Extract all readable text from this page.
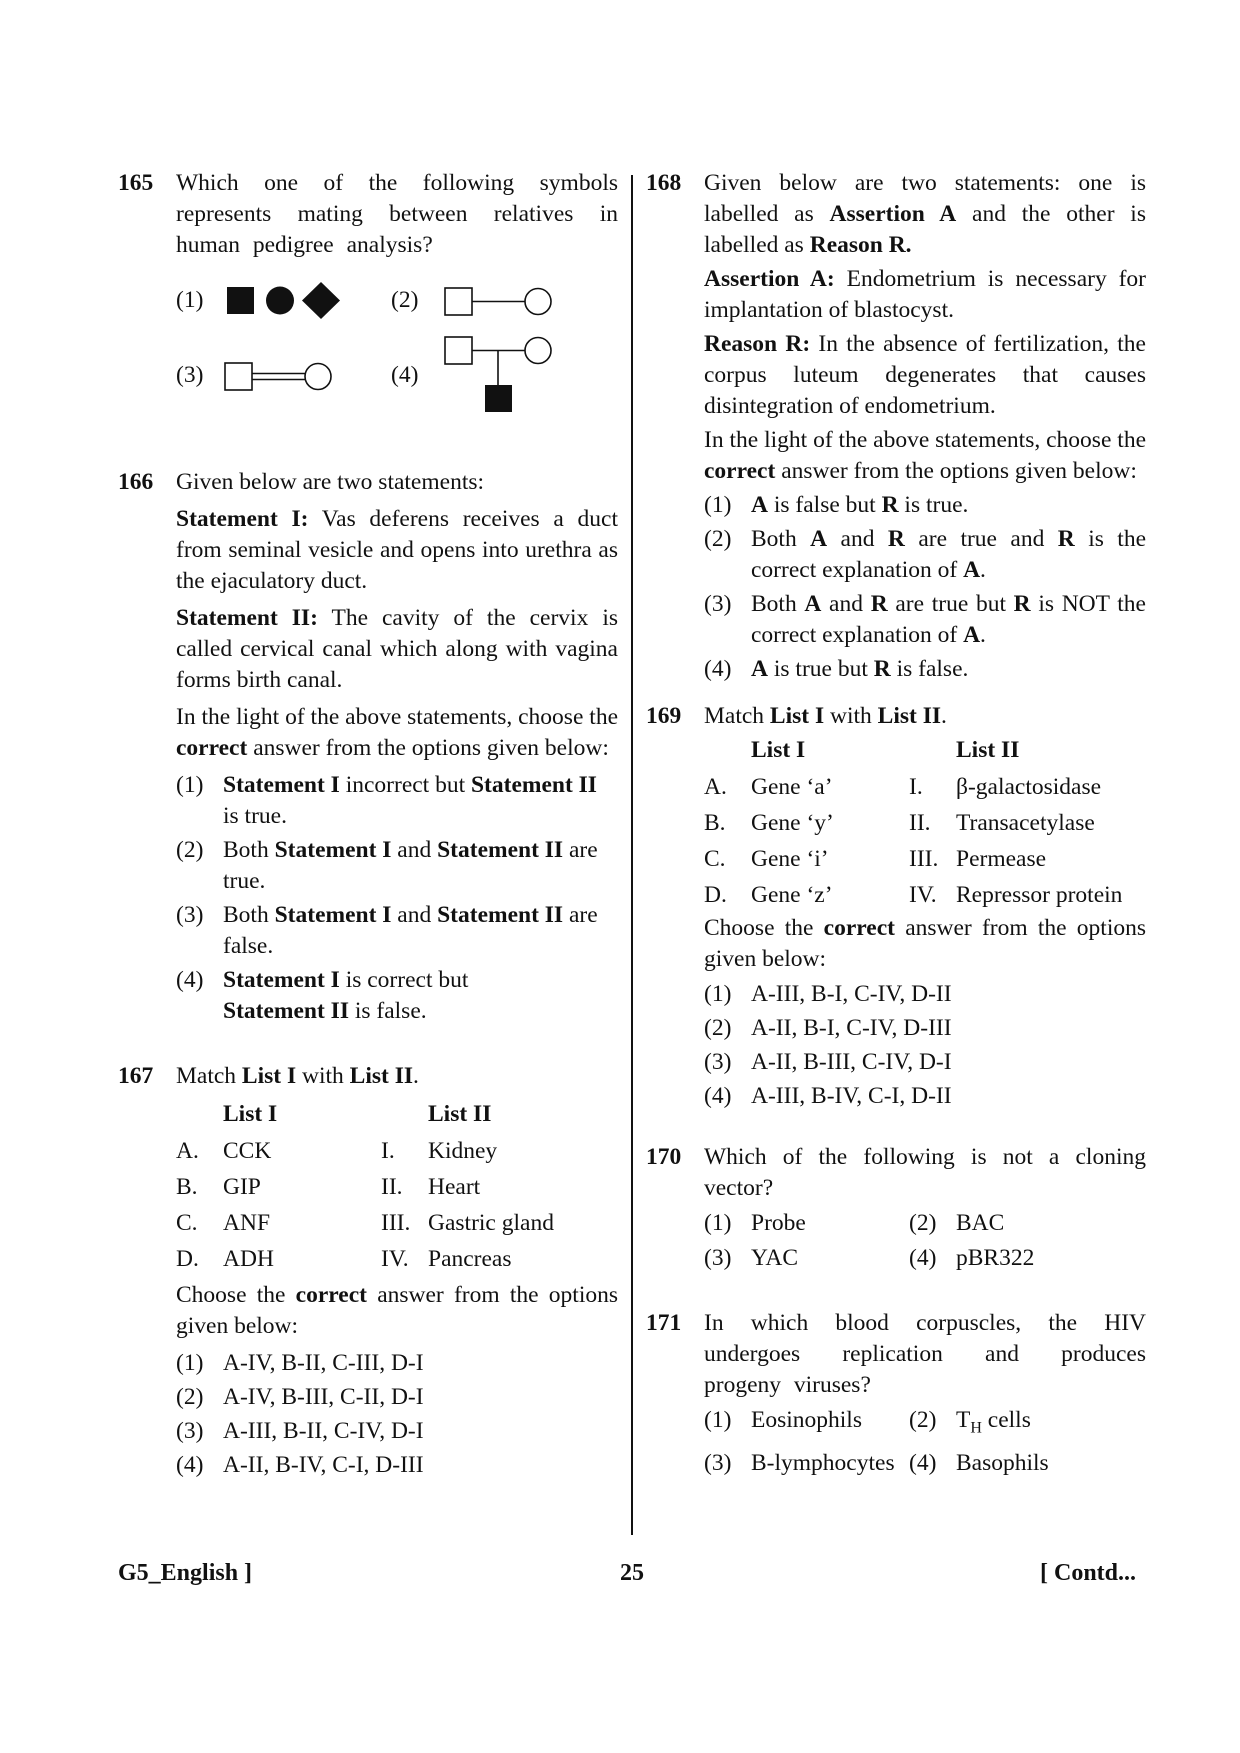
165 Which one of the following symbols represents mating between relatives in human pedigree analysis?
(1)	(2)
(3)	(4)
166 Given below are two statements:
Statement I: Vas deferens receives a duct from seminal vesicle and opens into urethra as the ejaculatory duct.
Statement II: The cavity of the cervix is called cervical canal which along with vagina forms birth canal.
In the light of the above statements, choose the correct answer from the options given below:
(1) Statement I incorrect but Statement II is true.
(2) Both Statement I and Statement II are true.
(3) Both Statement I and Statement II are false.
(4) Statement I is correct but
Statement II is false.
167 Match List I with List II.
	List I		List II
A.	CCK	I.	Kidney
B.	GIP	II.	Heart
C.	ANF	III.	Gastric gland
D.	ADH	IV.	Pancreas
Choose the correct answer from the options given below:
(1) A-IV, B-II, C-III, D-I
(2) A-IV, B-III, C-II, D-I
(3) A-III, B-II, C-IV, D-I
(4) A-II, B-IV, C-I, D-III
168 Given below are two statements: one is labelled as Assertion A and the other is labelled as Reason R.
Assertion A: Endometrium is necessary for implantation of blastocyst.
Reason R: In the absence of fertilization, the corpus luteum degenerates that causes disintegration of endometrium.
In the light of the above statements, choose the correct answer from the options given below:
(1) A is false but R is true.
(2) Both A and R are true and R is the correct explanation of A.
(3) Both A and R are true but R is NOT the correct explanation of A.
(4) A is true but R is false.
169 Match List I with List II.
	List I		List II
A.	Gene ‘a’	I.	β-galactosidase
B.	Gene ‘y’	II.	Transacetylase
C.	Gene ‘i’	III.	Permease
D.	Gene ‘z’	IV.	Repressor protein
Choose the correct answer from the options given below:
(1) A-III, B-I, C-IV, D-II
(2) A-II, B-I, C-IV, D-III
(3) A-II, B-III, C-IV, D-I
(4) A-III, B-IV, C-I, D-II
170 Which of the following is not a cloning vector?
(1) Probe	(2) BAC
(3) YAC	(4) pBR322
171 In which blood corpuscles, the HIV undergoes replication and produces progeny viruses?
(1) Eosinophils	(2) $T_H$ cells
(3) B-lymphocytes (4) Basophils
G5_English ]	25	[ Contd...
